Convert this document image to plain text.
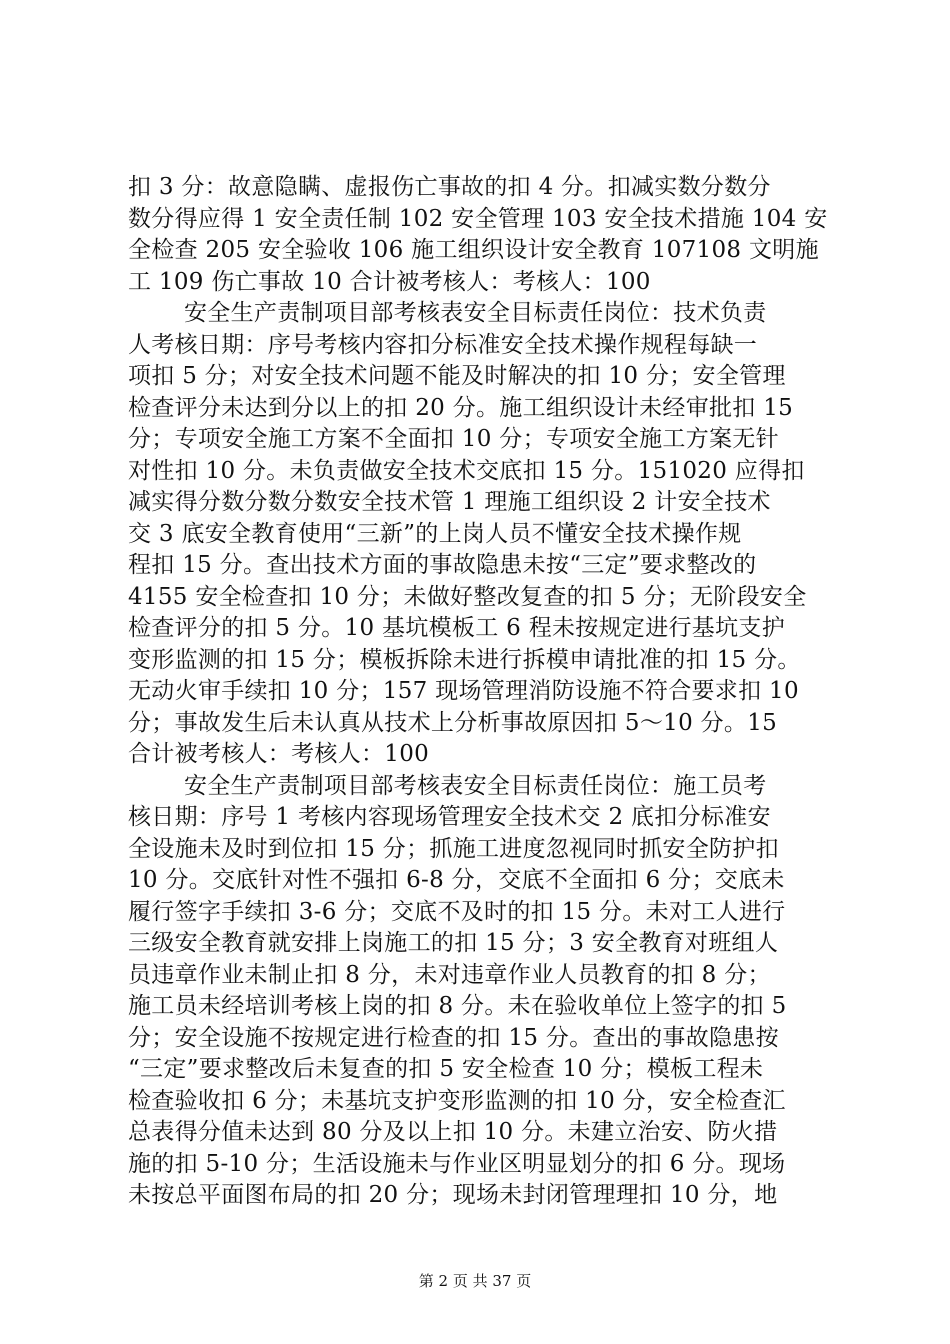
扣 3 分：故意隐瞒、虚报伤亡事故的扣 4 分。扣减实数分数分
数分得应得 1 安全责任制 102 安全管理 103 安全技术措施 104 安
全检查 205 安全验收 106 施工组织设计安全教育 107108 文明施
工 109 伤亡事故 10 合计被考核人：考核人：100
安全生产责制项目部考核表安全目标责任岗位：技术负责
人考核日期：序号考核内容扣分标准安全技术操作规程每缺一
项扣 5 分；对安全技术问题不能及时解决的扣 10 分；安全管理
检查评分未达到分以上的扣 20 分。施工组织设计未经审批扣 15
分；专项安全施工方案不全面扣 10 分；专项安全施工方案无针
对性扣 10 分。未负责做安全技术交底扣 15 分。151020 应得扣
减实得分数分数分数安全技术管 1 理施工组织设 2 计安全技术
交 3 底安全教育使用“三新”的上岗人员不懂安全技术操作规
程扣 15 分。查出技术方面的事故隐患未按“三定”要求整改的
4155 安全检查扣 10 分；未做好整改复查的扣 5 分；无阶段安全
检查评分的扣 5 分。10 基坑模板工 6 程未按规定进行基坑支护
变形监测的扣 15 分；模板拆除未进行拆模申请批准的扣 15 分。
无动火审手续扣 10 分；157 现场管理消防设施不符合要求扣 10
分；事故发生后未认真从技术上分析事故原因扣 5～10 分。15
合计被考核人：考核人：100
安全生产责制项目部考核表安全目标责任岗位：施工员考
核日期：序号 1 考核内容现场管理安全技术交 2 底扣分标准安
全设施未及时到位扣 15 分；抓施工进度忽视同时抓安全防护扣
10 分。交底针对性不强扣 6-8 分，交底不全面扣 6 分；交底未
履行签字手续扣 3-6 分；交底不及时的扣 15 分。未对工人进行
三级安全教育就安排上岗施工的扣 15 分；3 安全教育对班组人
员违章作业未制止扣 8 分，未对违章作业人员教育的扣 8 分；
施工员未经培训考核上岗的扣 8 分。未在验收单位上签字的扣 5
分；安全设施不按规定进行检查的扣 15 分。查出的事故隐患按
“三定”要求整改后未复查的扣 5 安全检查 10 分；模板工程未
检查验收扣 6 分；未基坑支护变形监测的扣 10 分，安全检查汇
总表得分值未达到 80 分及以上扣 10 分。未建立治安、防火措
施的扣 5-10 分；生活设施未与作业区明显划分的扣 6 分。现场
未按总平面图布局的扣 20 分；现场未封闭管理理扣 10 分，地
第 2 页 共 37 页
